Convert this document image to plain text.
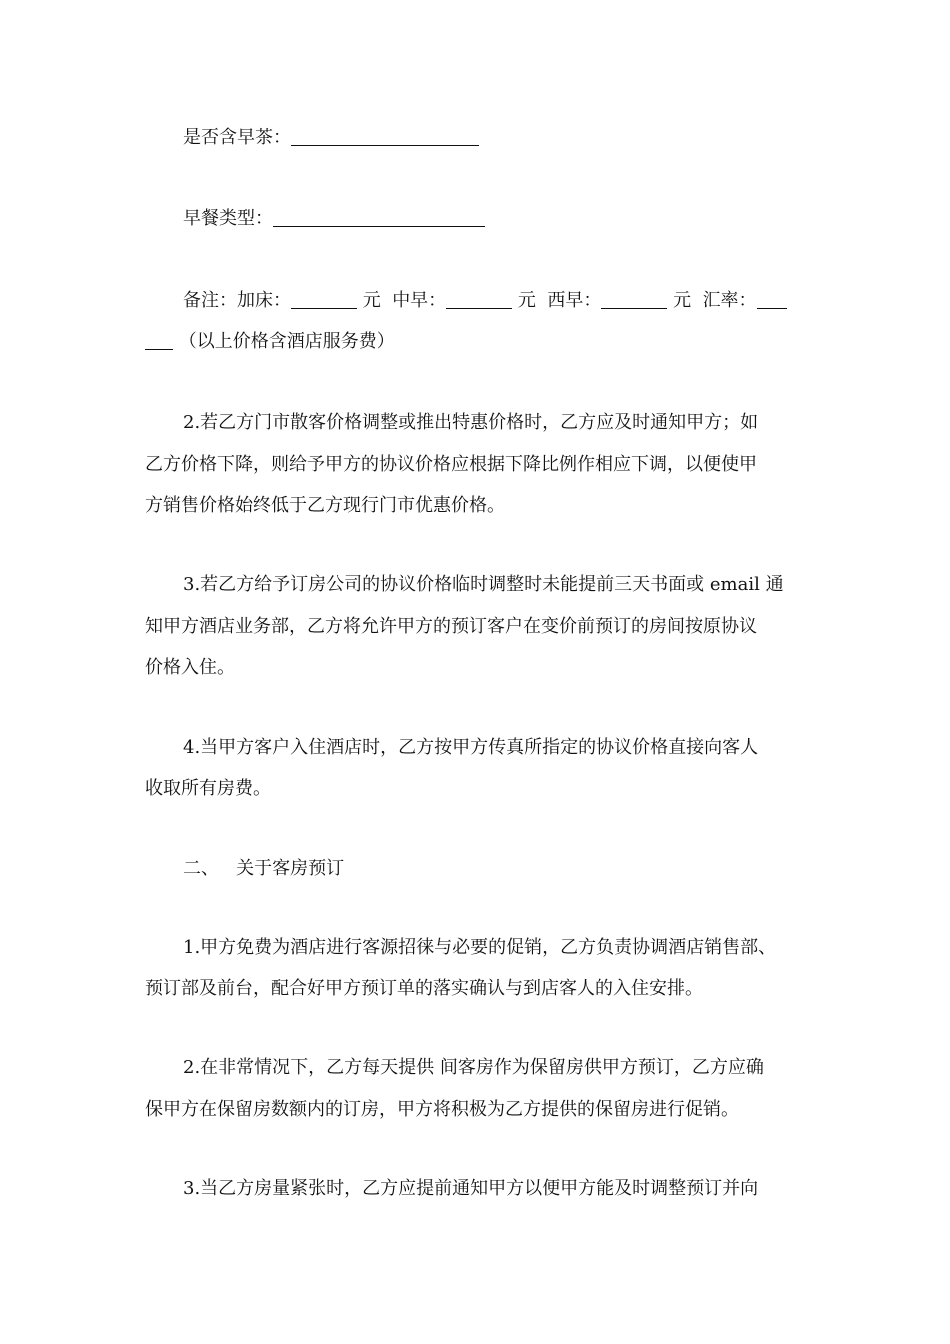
是否含早茶：
早餐类型：
备注：加床：	元 中早：	元 西早：	元 汇率：
（以上价格含酒店服务费）
2.若乙方门市散客价格调整或推出特惠价格时，乙方应及时通知甲方；如
乙方价格下降，则给予甲方的协议价格应根据下降比例作相应下调，以便使甲
方销售价格始终低于乙方现行门市优惠价格。
3.若乙方给予订房公司的协议价格临时调整时未能提前三天书面或 email 通
知甲方酒店业务部，乙方将允许甲方的预订客户在变价前预订的房间按原协议
价格入住。
4.当甲方客户入住酒店时，乙方按甲方传真所指定的协议价格直接向客人
收取所有房费。
二、 关于客房预订
1.甲方免费为酒店进行客源招徕与必要的促销，乙方负责协调酒店销售部、
预订部及前台，配合好甲方预订单的落实确认与到店客人的入住安排。
2.在非常情况下，乙方每天提供 间客房作为保留房供甲方预订，乙方应确
保甲方在保留房数额内的订房，甲方将积极为乙方提供的保留房进行促销。
3.当乙方房量紧张时，乙方应提前通知甲方以便甲方能及时调整预订并向
